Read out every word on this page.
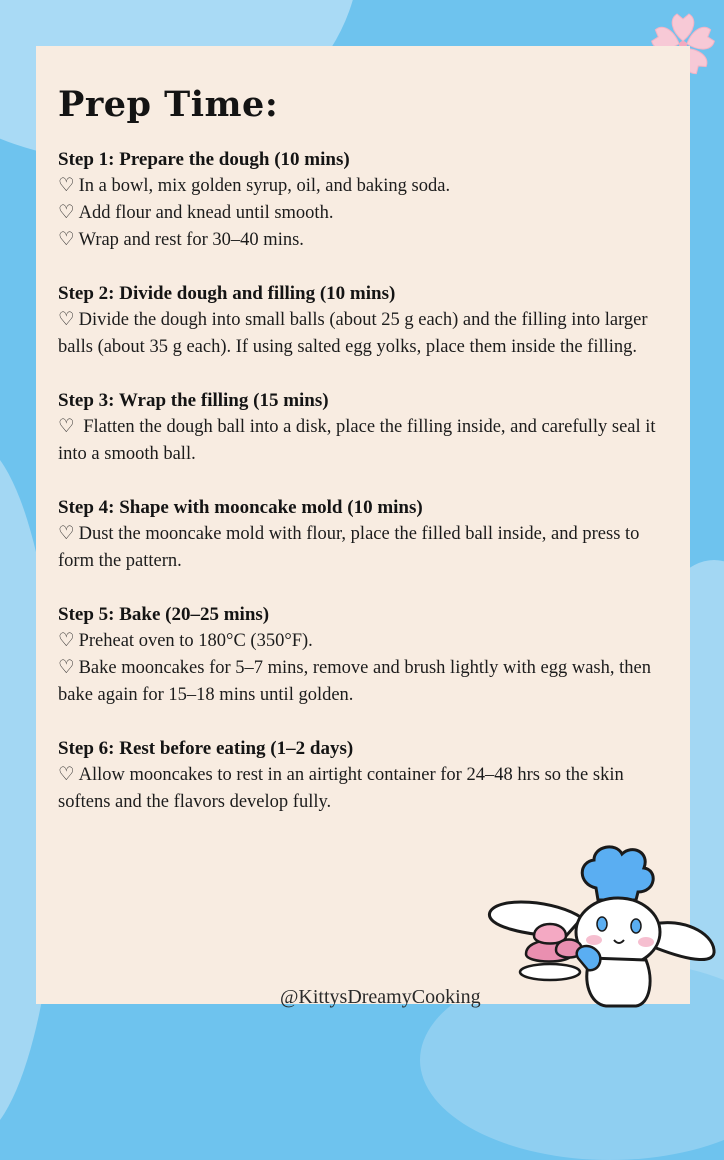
Prep Time:
Step 1: Prepare the dough (10 mins)
♡ In a bowl, mix golden syrup, oil, and baking soda.
♡ Add flour and knead until smooth.
♡ Wrap and rest for 30–40 mins.
Step 2: Divide dough and filling (10 mins)
♡ Divide the dough into small balls (about 25 g each) and the filling into larger balls (about 35 g each). If using salted egg yolks, place them inside the filling.
Step 3: Wrap the filling (15 mins)
♡ Flatten the dough ball into a disk, place the filling inside, and carefully seal it into a smooth ball.
Step 4: Shape with mooncake mold (10 mins)
♡ Dust the mooncake mold with flour, place the filled ball inside, and press to form the pattern.
Step 5: Bake (20–25 mins)
♡ Preheat oven to 180°C (350°F).
♡ Bake mooncakes for 5–7 mins, remove and brush lightly with egg wash, then bake again for 15–18 mins until golden.
Step 6: Rest before eating (1–2 days)
♡ Allow mooncakes to rest in an airtight container for 24–48 hrs so the skin softens and the flavors develop fully.
@KittysDreamyCooking
